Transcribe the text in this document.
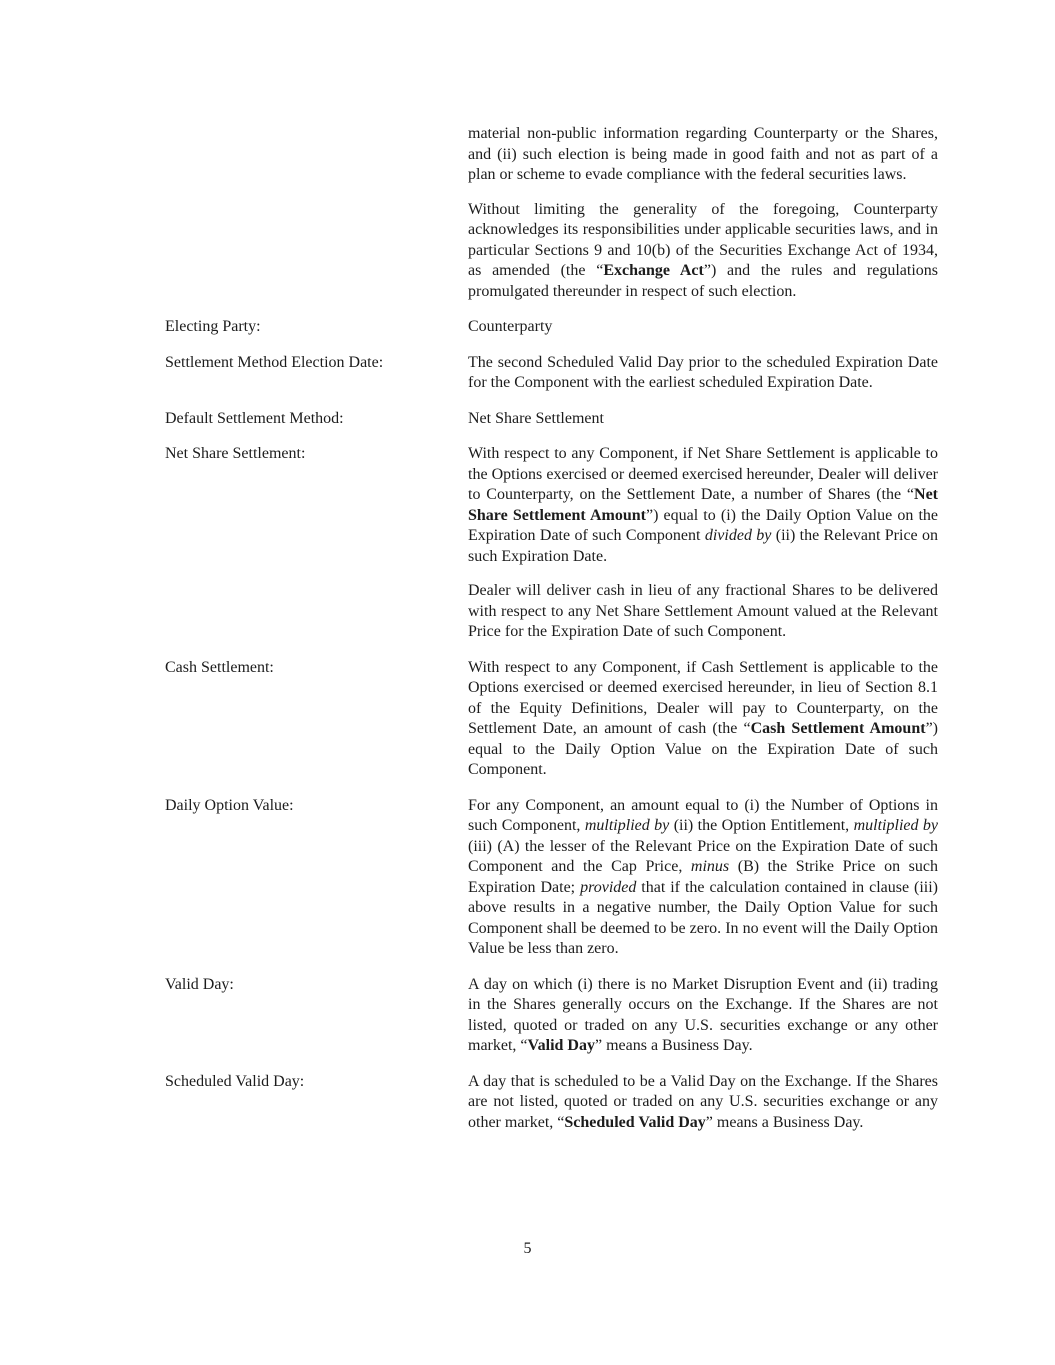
material non-public information regarding Counterparty or the Shares, and (ii) such election is being made in good faith and not as part of a plan or scheme to evade compliance with the federal securities laws.

Without limiting the generality of the foregoing, Counterparty acknowledges its responsibilities under applicable securities laws, and in particular Sections 9 and 10(b) of the Securities Exchange Act of 1934, as amended (the “Exchange Act”) and the rules and regulations promulgated thereunder in respect of such election.

Electing Party:	Counterparty

Settlement Method Election Date:	The second Scheduled Valid Day prior to the scheduled Expiration Date for the Component with the earliest scheduled Expiration Date.

Default Settlement Method:	Net Share Settlement

Net Share Settlement:	With respect to any Component, if Net Share Settlement is applicable to the Options exercised or deemed exercised hereunder, Dealer will deliver to Counterparty, on the Settlement Date, a number of Shares (the “Net Share Settlement Amount”) equal to (i) the Daily Option Value on the Expiration Date of such Component divided by (ii) the Relevant Price on such Expiration Date.

Dealer will deliver cash in lieu of any fractional Shares to be delivered with respect to any Net Share Settlement Amount valued at the Relevant Price for the Expiration Date of such Component.

Cash Settlement:	With respect to any Component, if Cash Settlement is applicable to the Options exercised or deemed exercised hereunder, in lieu of Section 8.1 of the Equity Definitions, Dealer will pay to Counterparty, on the Settlement Date, an amount of cash (the “Cash Settlement Amount”) equal to the Daily Option Value on the Expiration Date of such Component.

Daily Option Value:	For any Component, an amount equal to (i) the Number of Options in such Component, multiplied by (ii) the Option Entitlement, multiplied by (iii) (A) the lesser of the Relevant Price on the Expiration Date of such Component and the Cap Price, minus (B) the Strike Price on such Expiration Date; provided that if the calculation contained in clause (iii) above results in a negative number, the Daily Option Value for such Component shall be deemed to be zero. In no event will the Daily Option Value be less than zero.

Valid Day:	A day on which (i) there is no Market Disruption Event and (ii) trading in the Shares generally occurs on the Exchange. If the Shares are not listed, quoted or traded on any U.S. securities exchange or any other market, “Valid Day” means a Business Day.

Scheduled Valid Day:	A day that is scheduled to be a Valid Day on the Exchange. If the Shares are not listed, quoted or traded on any U.S. securities exchange or any other market, “Scheduled Valid Day” means a Business Day.

5
